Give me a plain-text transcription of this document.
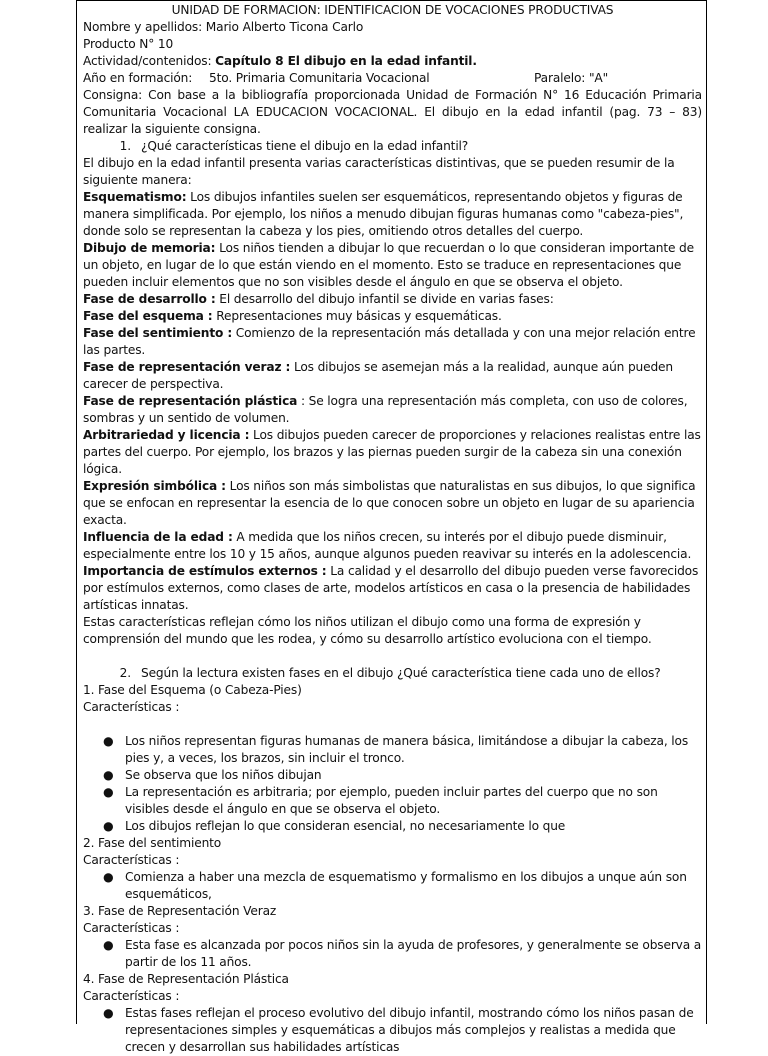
UNIDAD DE FORMACION: IDENTIFICACION DE VOCACIONES PRODUCTIVAS
Nombre y apellidos: Mario Alberto Ticona Carlo
Producto N° 10
Actividad/contenidos: Capítulo 8 El dibujo en la edad infantil.
Año en formación: 5to. Primaria Comunitaria Vocacional	Paralelo: "A"
Consigna: Con base a la bibliografía proporcionada Unidad de Formación N° 16 Educación Primaria Comunitaria Vocacional LA EDUCACION VOCACIONAL. El dibujo en la edad infantil (pag. 73 – 83) realizar la siguiente consigna.
1. ¿Qué características tiene el dibujo en la edad infantil?
El dibujo en la edad infantil presenta varias características distintivas, que se pueden resumir de la siguiente manera:
Esquematismo: Los dibujos infantiles suelen ser esquemáticos, representando objetos y figuras de manera simplificada. Por ejemplo, los niños a menudo dibujan figuras humanas como "cabeza-pies", donde solo se representan la cabeza y los pies, omitiendo otros detalles del cuerpo.
Dibujo de memoria: Los niños tienden a dibujar lo que recuerdan o lo que consideran importante de un objeto, en lugar de lo que están viendo en el momento. Esto se traduce en representaciones que pueden incluir elementos que no son visibles desde el ángulo en que se observa el objeto.
Fase de desarrollo : El desarrollo del dibujo infantil se divide en varias fases:
Fase del esquema : Representaciones muy básicas y esquemáticas.
Fase del sentimiento : Comienzo de la representación más detallada y con una mejor relación entre las partes.
Fase de representación veraz : Los dibujos se asemejan más a la realidad, aunque aún pueden carecer de perspectiva.
Fase de representación plástica : Se logra una representación más completa, con uso de colores, sombras y un sentido de volumen.
Arbitrariedad y licencia : Los dibujos pueden carecer de proporciones y relaciones realistas entre las partes del cuerpo. Por ejemplo, los brazos y las piernas pueden surgir de la cabeza sin una conexión lógica.
Expresión simbólica : Los niños son más simbolistas que naturalistas en sus dibujos, lo que significa que se enfocan en representar la esencia de lo que conocen sobre un objeto en lugar de su apariencia exacta.
Influencia de la edad : A medida que los niños crecen, su interés por el dibujo puede disminuir, especialmente entre los 10 y 15 años, aunque algunos pueden reavivar su interés en la adolescencia.
Importancia de estímulos externos : La calidad y el desarrollo del dibujo pueden verse favorecidos por estímulos externos, como clases de arte, modelos artísticos en casa o la presencia de habilidades artísticas innatas.
Estas características reflejan cómo los niños utilizan el dibujo como una forma de expresión y comprensión del mundo que les rodea, y cómo su desarrollo artístico evoluciona con el tiempo.
2. Según la lectura existen fases en el dibujo ¿Qué característica tiene cada uno de ellos?
1. Fase del Esquema (o Cabeza-Pies)
Características :
● Los niños representan figuras humanas de manera básica, limitándose a dibujar la cabeza, los pies y, a veces, los brazos, sin incluir el tronco.
● Se observa que los niños dibujan
● La representación es arbitraria; por ejemplo, pueden incluir partes del cuerpo que no son visibles desde el ángulo en que se observa el objeto.
● Los dibujos reflejan lo que consideran esencial, no necesariamente lo que
2. Fase del sentimiento
Características :
● Comienza a haber una mezcla de esquematismo y formalismo en los dibujos a unque aún son esquemáticos,
3. Fase de Representación Veraz
Características :
● Esta fase es alcanzada por pocos niños sin la ayuda de profesores, y generalmente se observa a partir de los 11 años.
4. Fase de Representación Plástica
Características :
● Estas fases reflejan el proceso evolutivo del dibujo infantil, mostrando cómo los niños pasan de representaciones simples y esquemáticas a dibujos más complejos y realistas a medida que crecen y desarrollan sus habilidades artísticas
